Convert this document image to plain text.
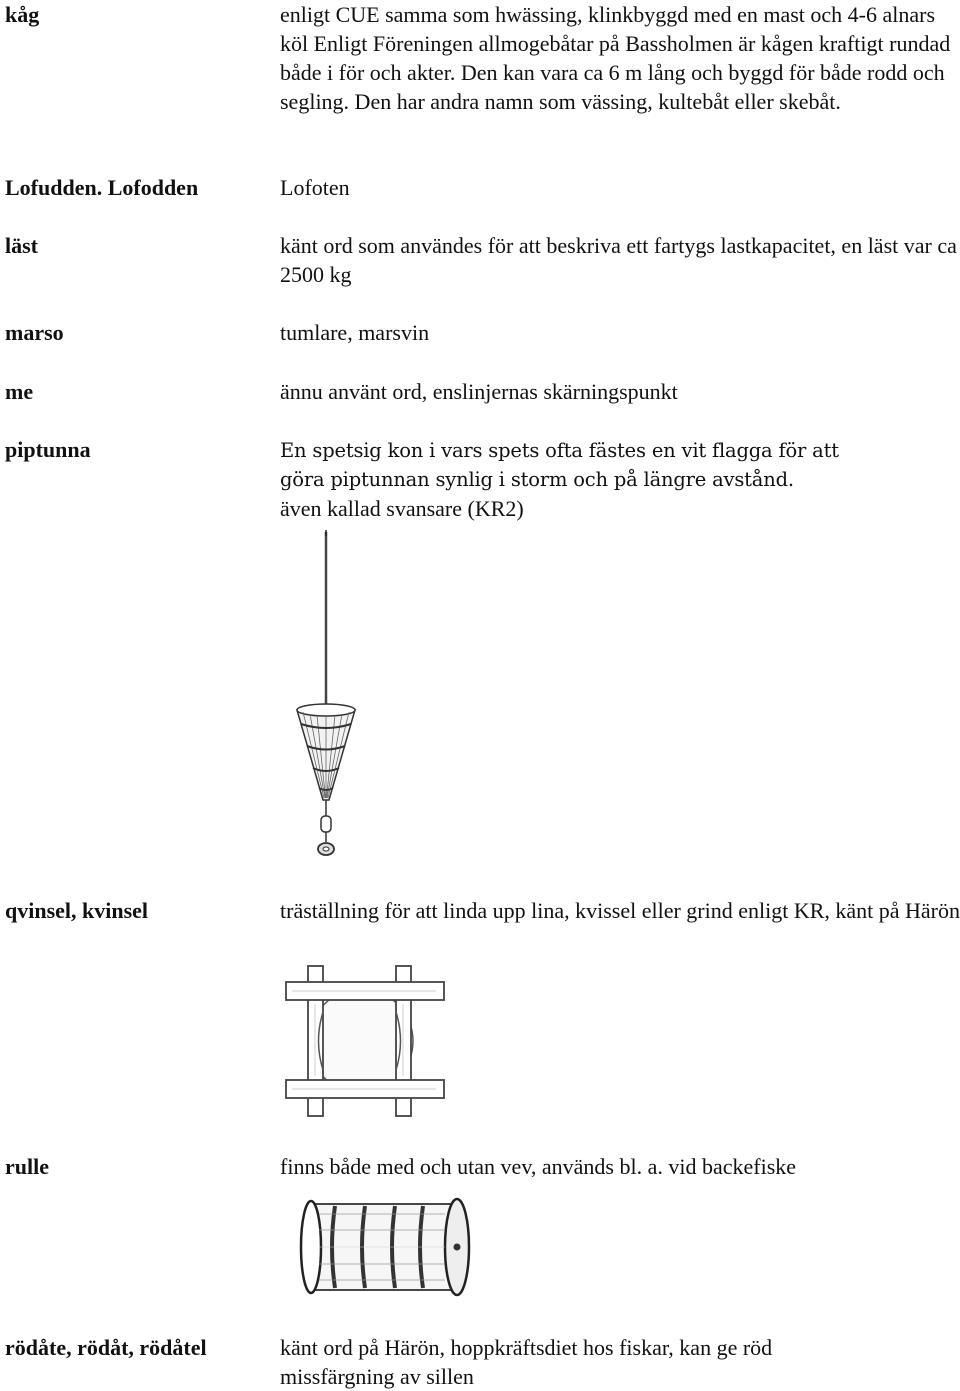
kåg	enligt CUE samma som hwässing, klinkbyggd med en mast och 4-6 alnars köl Enligt Föreningen allmogebåtar på Bassholmen är kågen kraftigt rundad både i för och akter. Den kan vara ca 6 m lång och byggd för både rodd och segling. Den har andra namn som vässing, kultebåt eller skebåt.
Lofudden. Lofodden	Lofoten
läst	känt ord som användes för att beskriva ett fartygs lastkapacitet, en läst var ca 2500 kg
marso	tumlare, marsvin
me	ännu använt ord, enslinjernas skärningspunkt
piptunna	En spetsig kon i vars spets ofta fästes en vit flagga för att göra piptunnan synlig i storm och på längre avstånd.
även kallad svansare (KR2)
qvinsel, kvinsel	träställning för att linda upp lina, kvissel eller grind enligt KR, känt på Härön
rulle	finns både med och utan vev, används bl. a. vid backefiske
rödåte, rödåt, rödåtel	känt ord på Härön, hoppkräftsdiet hos fiskar, kan ge röd missfärgning av sillen
